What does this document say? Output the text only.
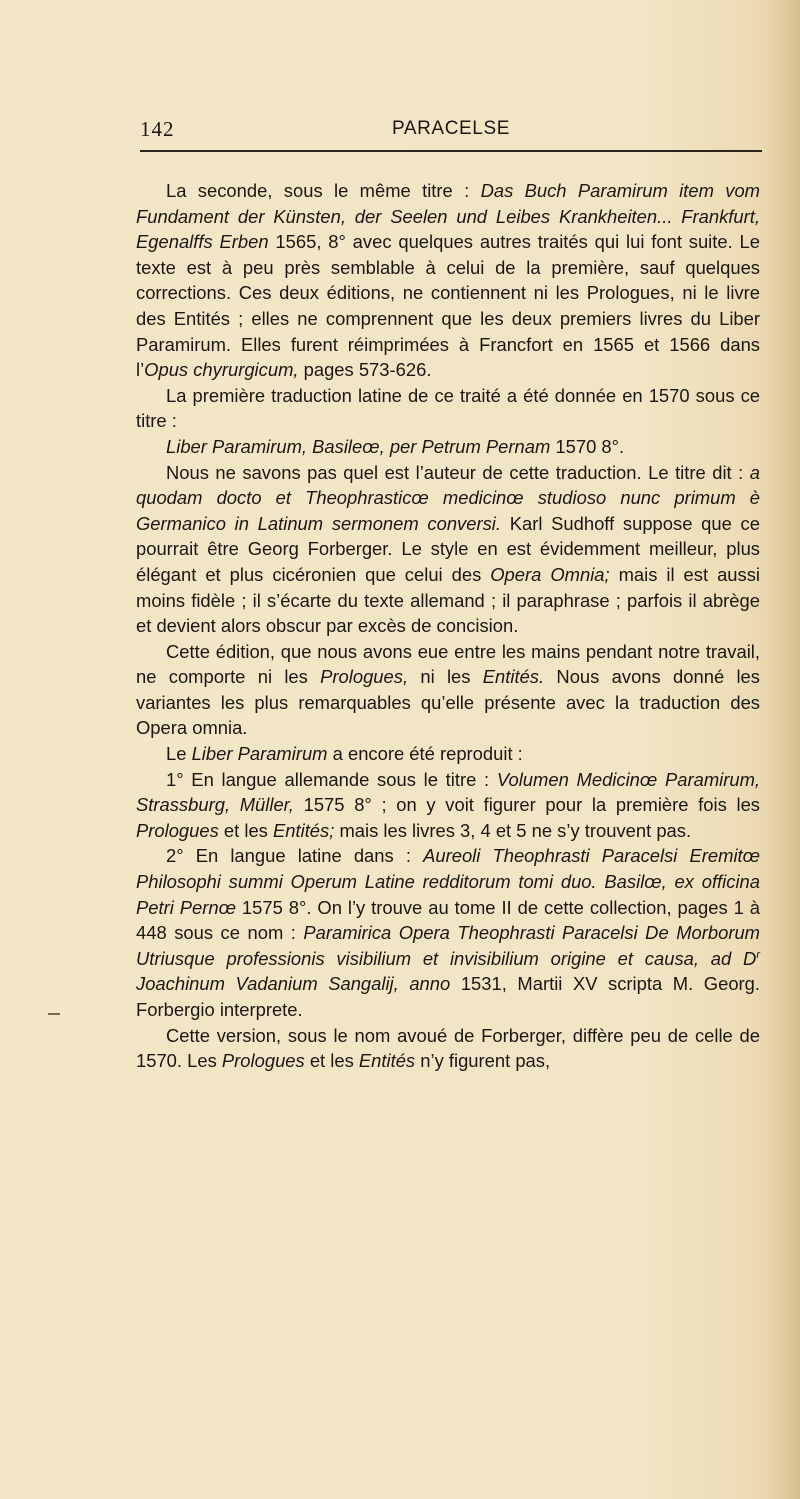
142	PARACELSE

La seconde, sous le même titre : Das Buch Paramirum item vom Fundament der Künsten, der Seelen und Leibes Krankheiten... Frankfurt, Egenalffs Erben 1565, 8° avec quelques autres traités qui lui font suite. Le texte est à peu près semblable à celui de la première, sauf quelques corrections. Ces deux éditions, ne contiennent ni les Prologues, ni le livre des Entités ; elles ne comprennent que les deux premiers livres du Liber Paramirum. Elles furent réimprimées à Francfort en 1565 et 1566 dans l’Opus chyrurgicum, pages 573-626.

La première traduction latine de ce traité a été donnée en 1570 sous ce titre :

Liber Paramirum, Basileœ, per Petrum Pernam 1570 8°.

Nous ne savons pas quel est l’auteur de cette traduction. Le titre dit : a quodam docto et Theophrasticœ medicinœ studioso nunc primum è Germanico in Latinum sermonem conversi. Karl Sudhoff suppose que ce pourrait être Georg Forberger. Le style en est évidemment meilleur, plus élégant et plus cicéronien que celui des Opera Omnia; mais il est aussi moins fidèle ; il s’écarte du texte allemand ; il paraphrase ; parfois il abrège et devient alors obscur par excès de concision.

Cette édition, que nous avons eue entre les mains pendant notre travail, ne comporte ni les Prologues, ni les Entités. Nous avons donné les variantes les plus remarquables qu’elle présente avec la traduction des Opera omnia.

Le Liber Paramirum a encore été reproduit :

1° En langue allemande sous le titre : Volumen Medicinœ Paramirum, Strassburg, Müller, 1575 8° ; on y voit figurer pour la première fois les Prologues et les Entités; mais les livres 3, 4 et 5 ne s’y trouvent pas.

2° En langue latine dans : Aureoli Theophrasti Paracelsi Eremitœ Philosophi summi Operum Latine redditorum tomi duo. Basilœ, ex officina Petri Pernœ 1575 8°. On l’y trouve au tome II de cette collection, pages 1 à 448 sous ce nom : Paramirica Opera Theophrasti Paracelsi De Morborum Utriusque professionis visibilium et invisibilium origine et causa, ad $D^r$ Joachinum Vadanium Sangalij, anno 1531, Martii XV scripta M. Georg. Forbergio interprete.

Cette version, sous le nom avoué de Forberger, diffère peu de celle de 1570. Les Prologues et les Entités n’y figurent pas,
